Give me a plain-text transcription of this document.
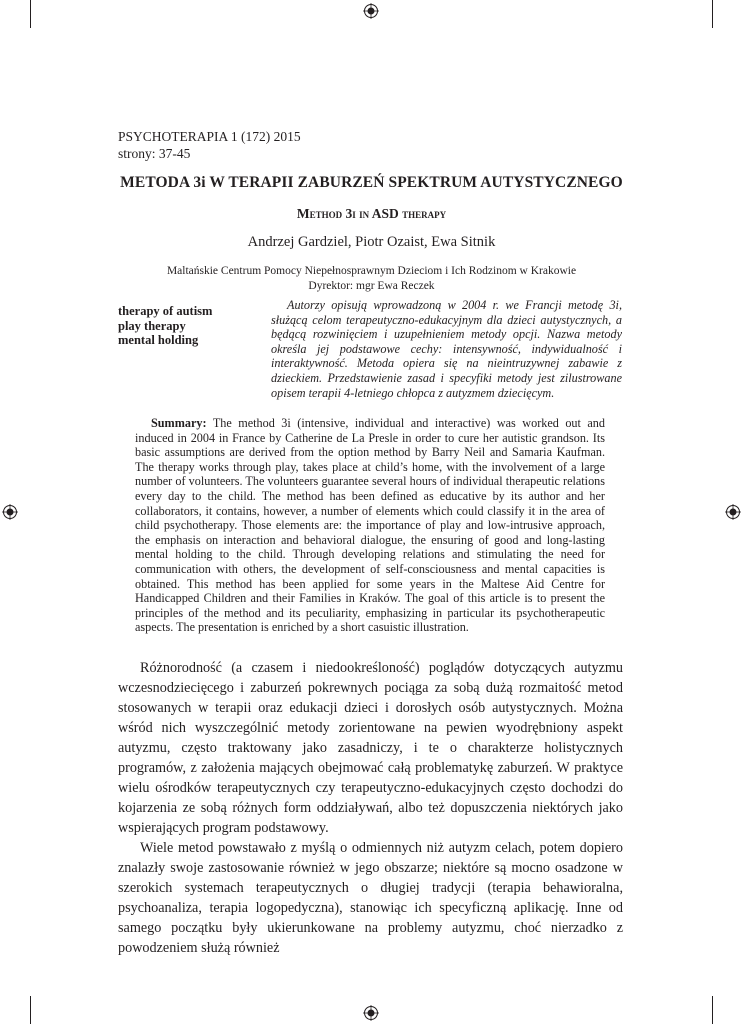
PSYCHOTERAPIA 1 (172) 2015
strony: 37-45
METODA 3i W TERAPII ZABURZEŃ SPEKTRUM AUTYSTYCZNEGO
Method 3i in ASD therapy
Andrzej Gardziel, Piotr Ozaist, Ewa Sitnik
Maltańskie Centrum Pomocy Niepełnosprawnym Dzieciom i Ich Rodzinom w Krakowie
Dyrektor: mgr Ewa Reczek
therapy of autism
play therapy
mental holding
Autorzy opisują wprowadzoną w 2004 r. we Francji metodę 3i, służącą celom terapeutyczno-edukacyjnym dla dzieci autystycznych, a będącą rozwinięciem i uzupełnieniem metody opcji. Nazwa metody określa jej podstawowe cechy: intensywność, indywidualność i interaktywność. Metoda opiera się na nieintruzywnej zabawie z dzieckiem. Przedstawienie zasad i specyfiki metody jest zilustrowane opisem terapii 4-letniego chłopca z autyzmem dziecięcym.
Summary: The method 3i (intensive, individual and interactive) was worked out and induced in 2004 in France by Catherine de La Presle in order to cure her autistic grandson. Its basic assumptions are derived from the option method by Barry Neil and Samaria Kaufman. The therapy works through play, takes place at child’s home, with the involvement of a large number of volunteers. The volunteers guarantee several hours of individual therapeutic relations every day to the child. The method has been defined as educative by its author and her collaborators, it contains, however, a number of elements which could classify it in the area of child psychotherapy. Those elements are: the importance of play and low-intrusive approach, the emphasis on interaction and behavioral dialogue, the ensuring of good and long-lasting mental holding to the child. Through developing relations and stimulating the need for communication with others, the development of self-consciousness and mental capacities is obtained. This method has been applied for some years in the Maltese Aid Centre for Handicapped Children and their Families in Kraków. The goal of this article is to present the principles of the method and its peculiarity, emphasizing in particular its psychotherapeutic aspects. The presentation is enriched by a short casuistic illustration.

Różnorodność (a czasem i niedookreśloność) poglądów dotyczących autyzmu wczesnodziecięcego i zaburzeń pokrewnych pociąga za sobą dużą rozmaitość metod stosowanych w terapii oraz edukacji dzieci i dorosłych osób autystycznych. Można wśród nich wyszczególnić metody zorientowane na pewien wyodrębniony aspekt autyzmu, często traktowany jako zasadniczy, i te o charakterze holistycznych programów, z założenia mających obejmować całą problematykę zaburzeń. W praktyce wielu ośrodków terapeutycznych czy terapeutyczno-edukacyjnych często dochodzi do kojarzenia ze sobą różnych form oddziaływań, albo też dopuszczenia niektórych jako wspierających program podstawowy.

Wiele metod powstawało z myślą o odmiennych niż autyzm celach, potem dopiero znalazły swoje zastosowanie również w jego obszarze; niektóre są mocno osadzone w szerokich systemach terapeutycznych o długiej tradycji (terapia behawioralna, psychoanaliza, terapia logopedyczna), stanowiąc ich specyficzną aplikację. Inne od samego początku były ukierunkowane na problemy autyzmu, choć nierzadko z powodzeniem służą również
